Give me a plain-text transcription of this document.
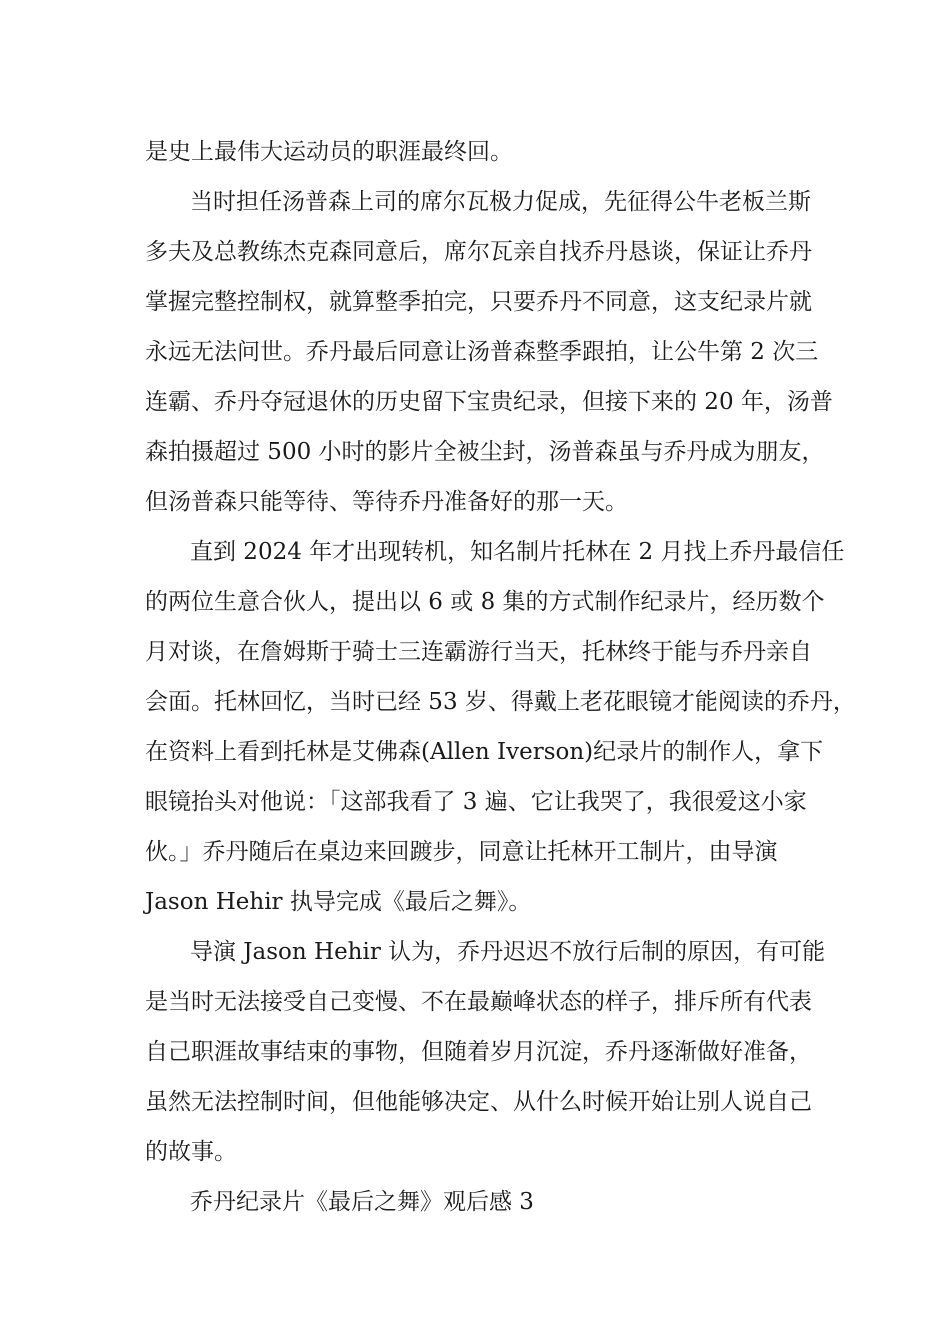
是史上最伟大运动员的职涯最终回。

当时担任汤普森上司的席尔瓦极力促成，先征得公牛老板兰斯

多夫及总教练杰克森同意后，席尔瓦亲自找乔丹恳谈，保证让乔丹

掌握完整控制权，就算整季拍完，只要乔丹不同意，这支纪录片就

永远无法问世。乔丹最后同意让汤普森整季跟拍，让公牛第 2 次三

连霸、乔丹夺冠退休的历史留下宝贵纪录，但接下来的 20 年，汤普

森拍摄超过 500 小时的影片全被尘封，汤普森虽与乔丹成为朋友，

但汤普森只能等待、等待乔丹准备好的那一天。

直到 2024 年才出现转机，知名制片托林在 2 月找上乔丹最信任

的两位生意合伙人，提出以 6 或 8 集的方式制作纪录片，经历数个

月对谈，在詹姆斯于骑士三连霸游行当天，托林终于能与乔丹亲自

会面。托林回忆，当时已经 53 岁、得戴上老花眼镜才能阅读的乔丹，

在资料上看到托林是艾佛森(Allen Iverson)纪录片的制作人，拿下

眼镜抬头对他说：「这部我看了 3 遍、它让我哭了，我很爱这小家

伙。」乔丹随后在桌边来回踱步，同意让托林开工制片，由导演

Jason Hehir 执导完成《最后之舞》。

导演 Jason Hehir 认为，乔丹迟迟不放行后制的原因，有可能

是当时无法接受自己变慢、不在最巅峰状态的样子，排斥所有代表

自己职涯故事结束的事物，但随着岁月沉淀，乔丹逐渐做好准备，

虽然无法控制时间，但他能够决定、从什么时候开始让别人说自己

的故事。

乔丹纪录片《最后之舞》观后感 3
